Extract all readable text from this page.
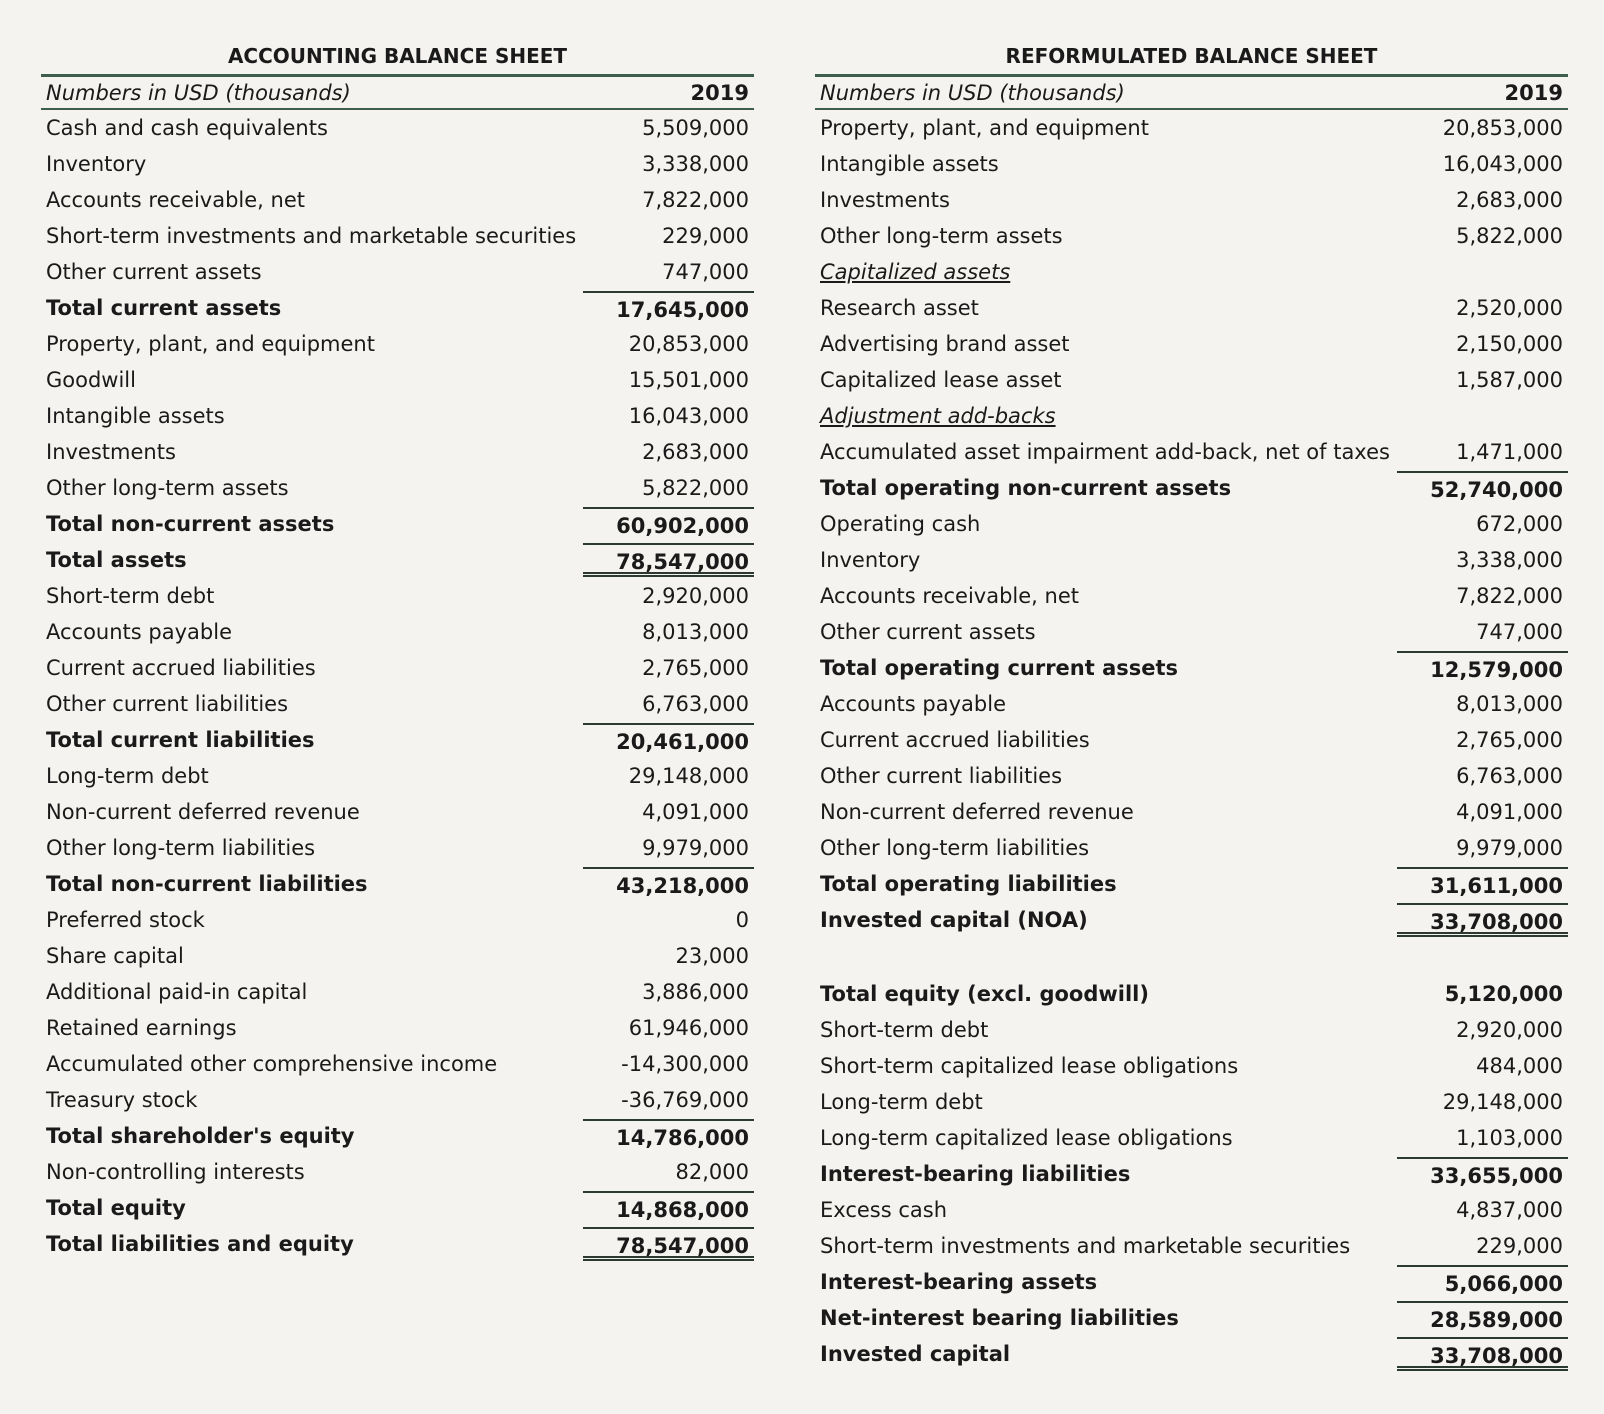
ACCOUNTING BALANCE SHEET
Numbers in USD (thousands)	2019
Cash and cash equivalents	5,509,000
Inventory	3,338,000
Accounts receivable, net	7,822,000
Short-term investments and marketable securities	229,000
Other current assets	747,000
Total current assets	17,645,000
Property, plant, and equipment	20,853,000
Goodwill	15,501,000
Intangible assets	16,043,000
Investments	2,683,000
Other long-term assets	5,822,000
Total non-current assets	60,902,000
Total assets	78,547,000
Short-term debt	2,920,000
Accounts payable	8,013,000
Current accrued liabilities	2,765,000
Other current liabilities	6,763,000
Total current liabilities	20,461,000
Long-term debt	29,148,000
Non-current deferred revenue	4,091,000
Other long-term liabilities	9,979,000
Total non-current liabilities	43,218,000
Preferred stock	0
Share capital	23,000
Additional paid-in capital	3,886,000
Retained earnings	61,946,000
Accumulated other comprehensive income	-14,300,000
Treasury stock	-36,769,000
Total shareholder's equity	14,786,000
Non-controlling interests	82,000
Total equity	14,868,000
Total liabilities and equity	78,547,000
REFORMULATED BALANCE SHEET
Numbers in USD (thousands)	2019
Property, plant, and equipment	20,853,000
Intangible assets	16,043,000
Investments	2,683,000
Other long-term assets	5,822,000
Capitalized assets
Research asset	2,520,000
Advertising brand asset	2,150,000
Capitalized lease asset	1,587,000
Adjustment add-backs
Accumulated asset impairment add-back, net of taxes	1,471,000
Total operating non-current assets	52,740,000
Operating cash	672,000
Inventory	3,338,000
Accounts receivable, net	7,822,000
Other current assets	747,000
Total operating current assets	12,579,000
Accounts payable	8,013,000
Current accrued liabilities	2,765,000
Other current liabilities	6,763,000
Non-current deferred revenue	4,091,000
Other long-term liabilities	9,979,000
Total operating liabilities	31,611,000
Invested capital (NOA)	33,708,000
Total equity (excl. goodwill)	5,120,000
Short-term debt	2,920,000
Short-term capitalized lease obligations	484,000
Long-term debt	29,148,000
Long-term capitalized lease obligations	1,103,000
Interest-bearing liabilities	33,655,000
Excess cash	4,837,000
Short-term investments and marketable securities	229,000
Interest-bearing assets	5,066,000
Net-interest bearing liabilities	28,589,000
Invested capital	33,708,000
